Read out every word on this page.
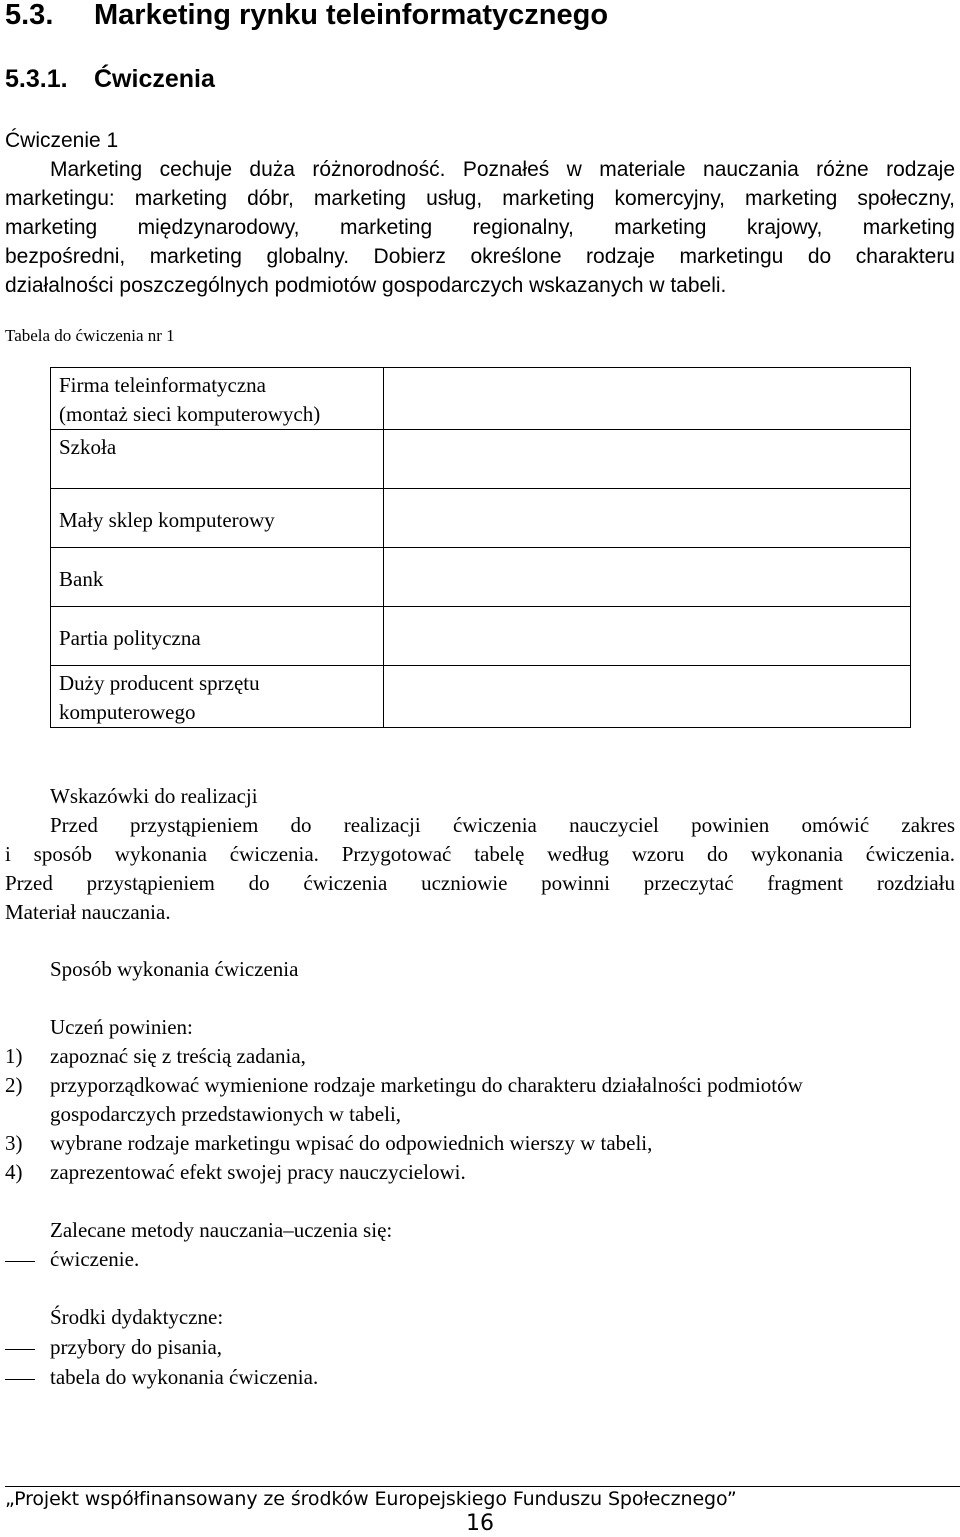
5.3. Marketing rynku teleinformatycznego
5.3.1. Ćwiczenia
Ćwiczenie 1
Marketing cechuje duża różnorodność. Poznałeś w materiale nauczania różne rodzaje
marketingu: marketing dóbr, marketing usług, marketing komercyjny, marketing społeczny,
marketing międzynarodowy, marketing regionalny, marketing krajowy, marketing
bezpośredni, marketing globalny. Dobierz określone rodzaje marketingu do charakteru
działalności poszczególnych podmiotów gospodarczych wskazanych w tabeli.
Tabela do ćwiczenia nr 1
Firma teleinformatyczna
(montaż sieci komputerowych)	

Szkoła	

Mały sklep komputerowy	

Bank	

Partia polityczna	

Duży producent sprzętu
komputerowego	

Wskazówki do realizacji
Przed przystąpieniem do realizacji ćwiczenia nauczyciel powinien omówić zakres
i sposób wykonania ćwiczenia. Przygotować tabelę według wzoru do wykonania ćwiczenia.
Przed przystąpieniem do ćwiczenia uczniowie powinni przeczytać fragment rozdziału
Materiał nauczania.
Sposób wykonania ćwiczenia
Uczeń powinien:
1) zapoznać się z treścią zadania,
2) przyporządkować wymienione rodzaje marketingu do charakteru działalności podmiotów
gospodarczych przedstawionych w tabeli,
3) wybrane rodzaje marketingu wpisać do odpowiednich wierszy w tabeli,
4) zaprezentować efekt swojej pracy nauczycielowi.
Zalecane metody nauczania–uczenia się:
ćwiczenie.
Środki dydaktyczne:
przybory do pisania,
tabela do wykonania ćwiczenia.
„Projekt współfinansowany ze środków Europejskiego Funduszu Społecznego”
16
